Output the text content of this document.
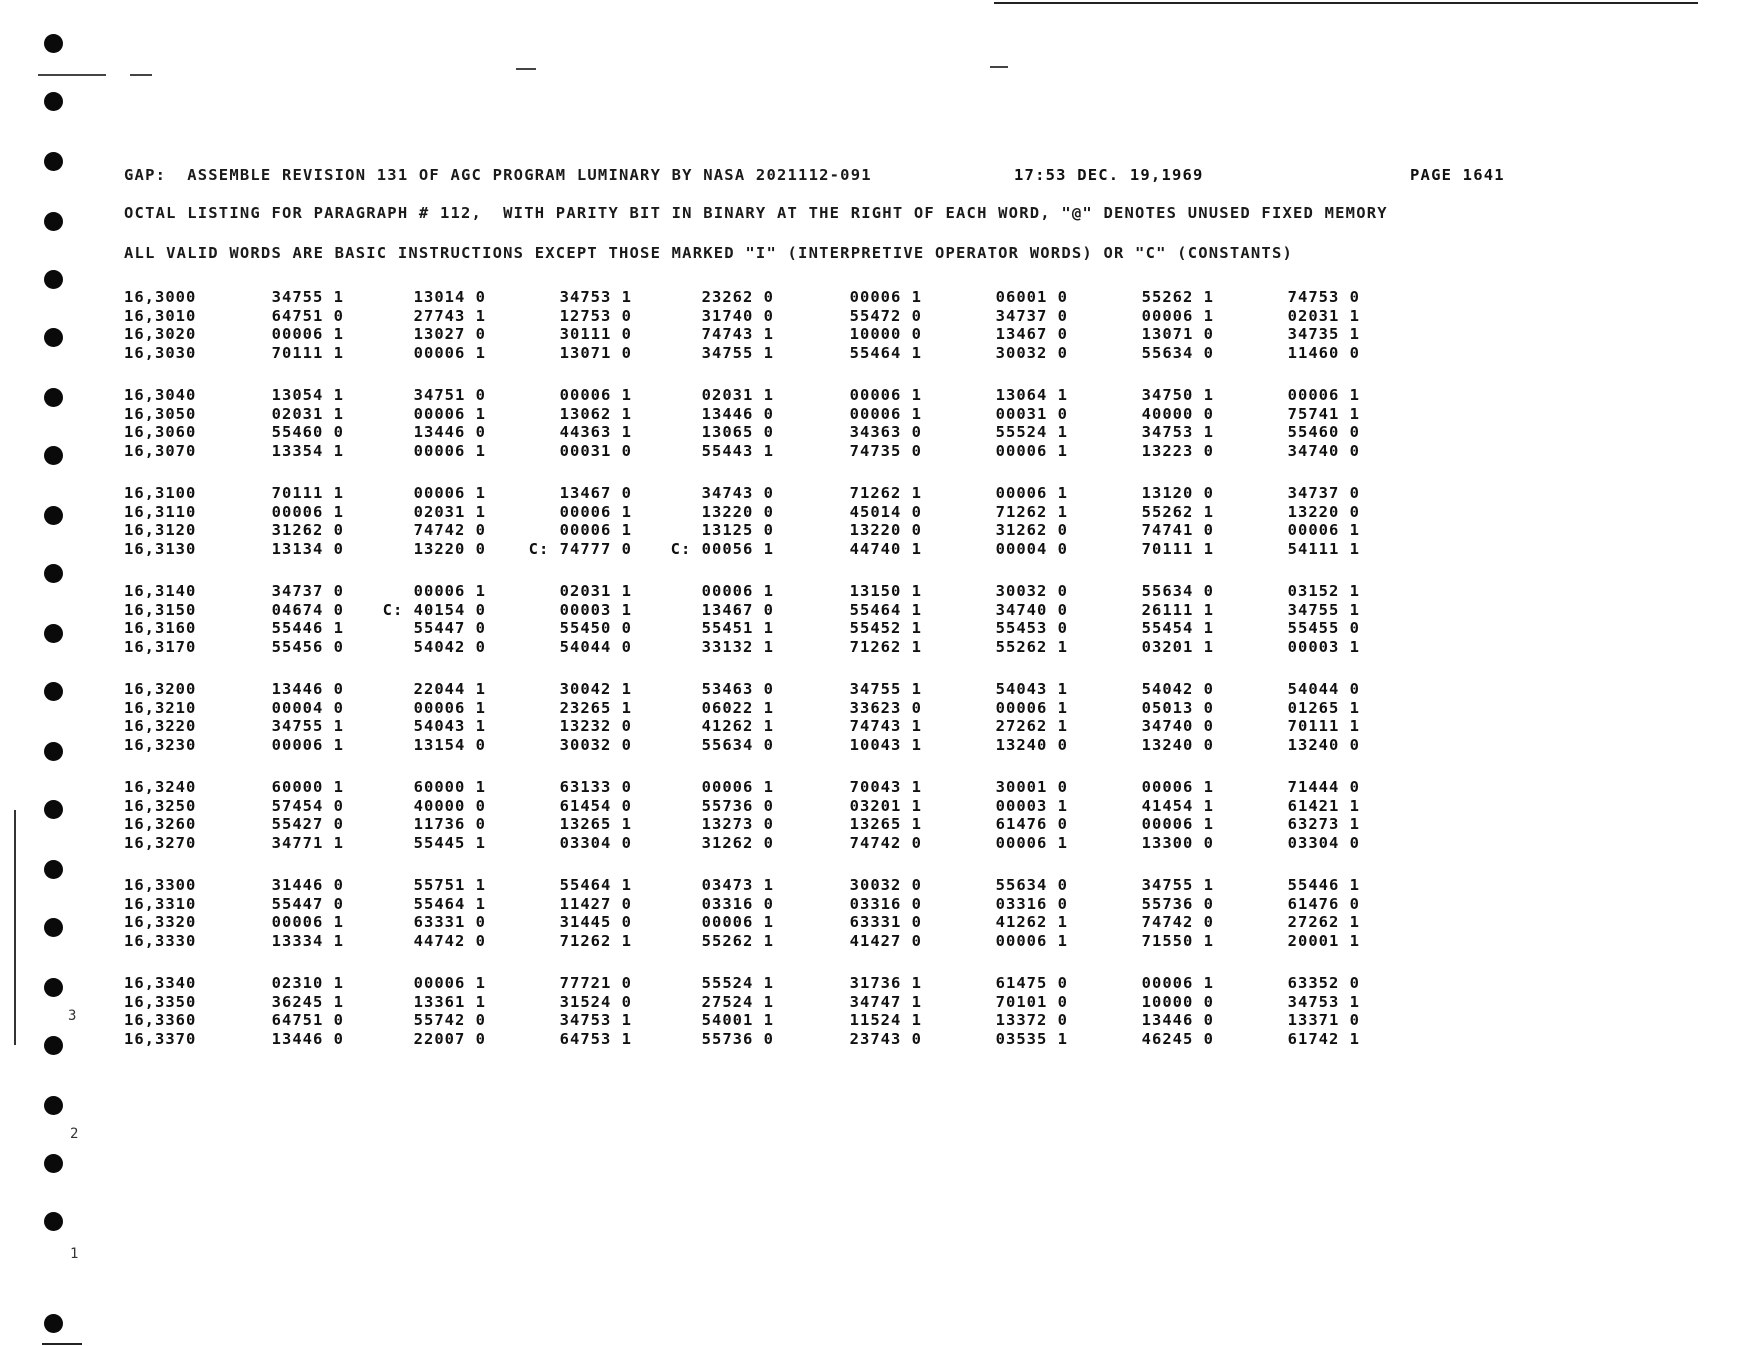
3
2
1
GAP:  ASSEMBLE REVISION 131 OF AGC PROGRAM LUMINARY BY NASA 2021112-091	17:53 DEC. 19,1969	PAGE 1641
OCTAL LISTING FOR PARAGRAPH # 112,  WITH PARITY BIT IN BINARY AT THE RIGHT OF EACH WORD, "@" DENOTES UNUSED FIXED MEMORY
ALL VALID WORDS ARE BASIC INSTRUCTIONS EXCEPT THOSE MARKED "I" (INTERPRETIVE OPERATOR WORDS) OR "C" (CONSTANTS)
16,3000	34755 1	13014 0	34753 1	23262 0	00006 1	06001 0	55262 1	74753 0
16,3010	64751 0	27743 1	12753 0	31740 0	55472 0	34737 0	00006 1	02031 1
16,3020	00006 1	13027 0	30111 0	74743 1	10000 0	13467 0	13071 0	34735 1
16,3030	70111 1	00006 1	13071 0	34755 1	55464 1	30032 0	55634 0	11460 0
16,3040	13054 1	34751 0	00006 1	02031 1	00006 1	13064 1	34750 1	00006 1
16,3050	02031 1	00006 1	13062 1	13446 0	00006 1	00031 0	40000 0	75741 1
16,3060	55460 0	13446 0	44363 1	13065 0	34363 0	55524 1	34753 1	55460 0
16,3070	13354 1	00006 1	00031 0	55443 1	74735 0	00006 1	13223 0	34740 0
16,3100	70111 1	00006 1	13467 0	34743 0	71262 1	00006 1	13120 0	34737 0
16,3110	00006 1	02031 1	00006 1	13220 0	45014 0	71262 1	55262 1	13220 0
16,3120	31262 0	74742 0	00006 1	13125 0	13220 0	31262 0	74741 0	00006 1
16,3130	13134 0	13220 0	C: 74777 0	C: 00056 1	44740 1	00004 0	70111 1	54111 1
16,3140	34737 0	00006 1	02031 1	00006 1	13150 1	30032 0	55634 0	03152 1
16,3150	04674 0	C: 40154 0	00003 1	13467 0	55464 1	34740 0	26111 1	34755 1
16,3160	55446 1	55447 0	55450 0	55451 1	55452 1	55453 0	55454 1	55455 0
16,3170	55456 0	54042 0	54044 0	33132 1	71262 1	55262 1	03201 1	00003 1
16,3200	13446 0	22044 1	30042 1	53463 0	34755 1	54043 1	54042 0	54044 0
16,3210	00004 0	00006 1	23265 1	06022 1	33623 0	00006 1	05013 0	01265 1
16,3220	34755 1	54043 1	13232 0	41262 1	74743 1	27262 1	34740 0	70111 1
16,3230	00006 1	13154 0	30032 0	55634 0	10043 1	13240 0	13240 0	13240 0
16,3240	60000 1	60000 1	63133 0	00006 1	70043 1	30001 0	00006 1	71444 0
16,3250	57454 0	40000 0	61454 0	55736 0	03201 1	00003 1	41454 1	61421 1
16,3260	55427 0	11736 0	13265 1	13273 0	13265 1	61476 0	00006 1	63273 1
16,3270	34771 1	55445 1	03304 0	31262 0	74742 0	00006 1	13300 0	03304 0
16,3300	31446 0	55751 1	55464 1	03473 1	30032 0	55634 0	34755 1	55446 1
16,3310	55447 0	55464 1	11427 0	03316 0	03316 0	03316 0	55736 0	61476 0
16,3320	00006 1	63331 0	31445 0	00006 1	63331 0	41262 1	74742 0	27262 1
16,3330	13334 1	44742 0	71262 1	55262 1	41427 0	00006 1	71550 1	20001 1
16,3340	02310 1	00006 1	77721 0	55524 1	31736 1	61475 0	00006 1	63352 0
16,3350	36245 1	13361 1	31524 0	27524 1	34747 1	70101 0	10000 0	34753 1
16,3360	64751 0	55742 0	34753 1	54001 1	11524 1	13372 0	13446 0	13371 0
16,3370	13446 0	22007 0	64753 1	55736 0	23743 0	03535 1	46245 0	61742 1
